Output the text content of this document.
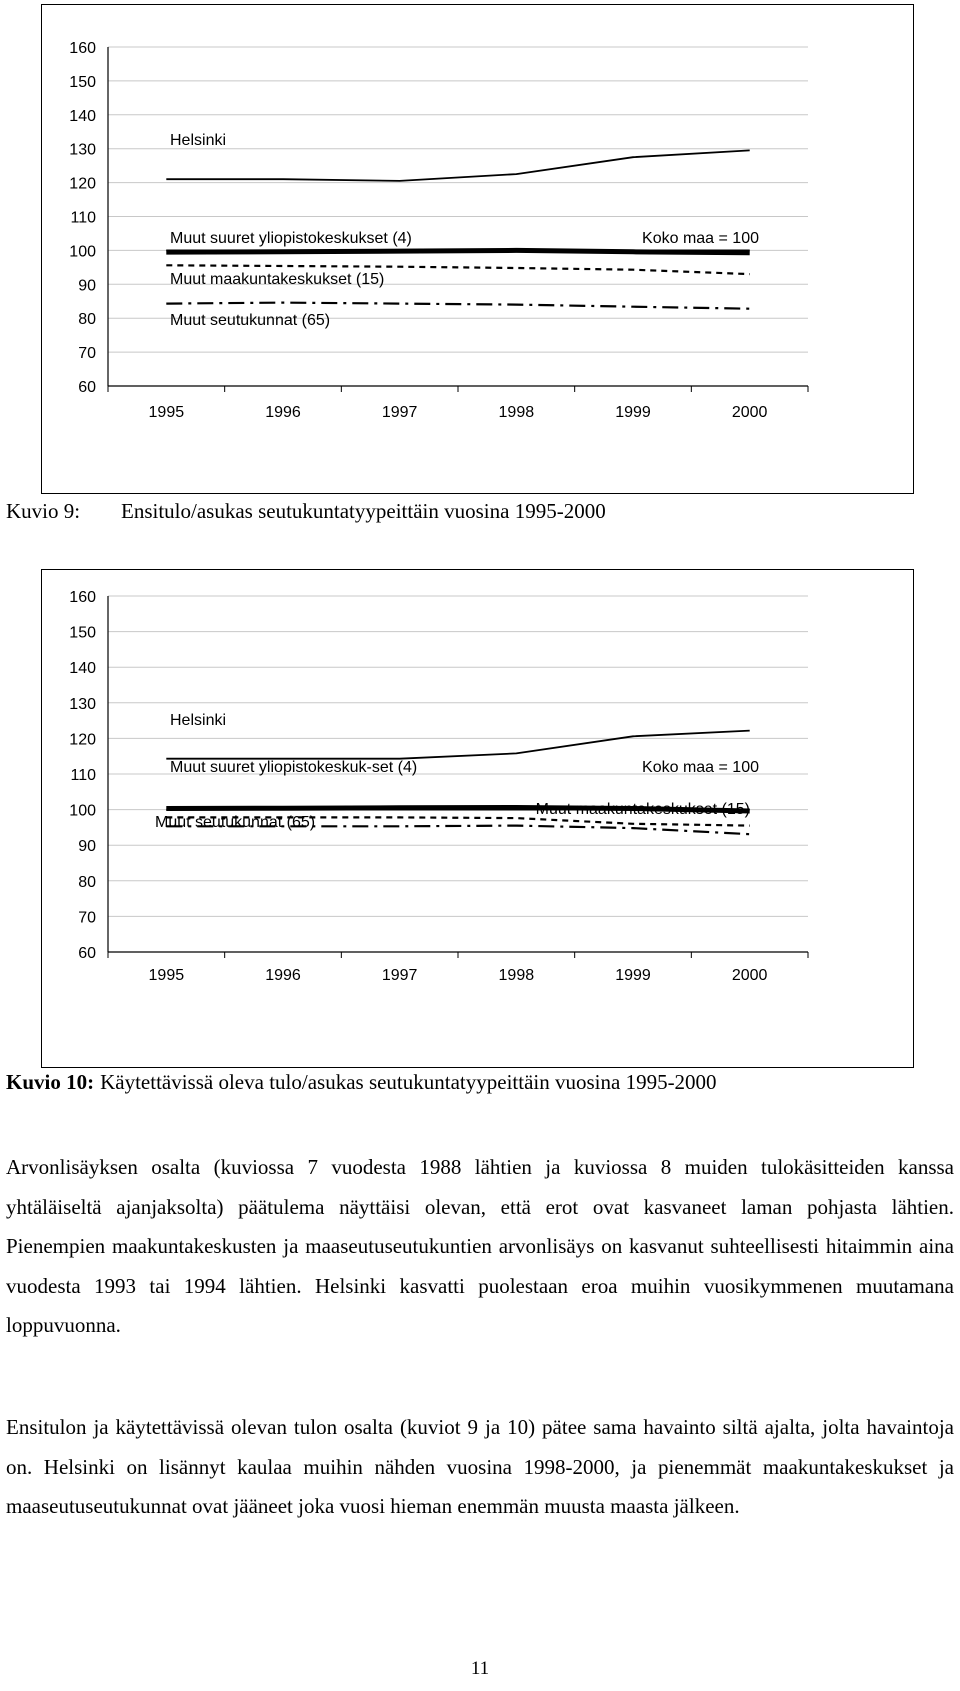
60
70
80
90
100
110
120
130
140
150
160
1995	1996	1997	1998	1999	2000
Helsinki
Muut suuret yliopistokeskukset (4)	Koko maa = 100
Muut maakuntakeskukset (15)
Muut seutukunnat (65)
Kuvio 9: Ensitulo/asukas seutukuntatyypeittäin vuosina 1995-2000
60
70
80
90
100
110
120
130
140
150
160
1995	1996	1997	1998	1999	2000
Helsinki
Muut suuret yliopistokeskuk-set (4)	Koko maa = 100
Muut maakuntakeskukset (15)
Muut seutukunnat (65)
Kuvio 10: Käytettävissä oleva tulo/asukas seutukuntatyypeittäin vuosina 1995-2000

Arvonlisäyksen osalta (kuviossa 7 vuodesta 1988 lähtien ja kuviossa 8 muiden tulokäsitteiden kanssa yhtäläiseltä ajanjaksolta) päätulema näyttäisi olevan, että erot ovat kasvaneet laman pohjasta lähtien. Pienempien maakuntakeskusten ja maaseutuseutukuntien arvonlisäys on kasvanut suhteellisesti hitaimmin aina vuodesta 1993 tai 1994 lähtien. Helsinki kasvatti puolestaan eroa muihin vuosikymmenen muutamana loppuvuonna.

Ensitulon ja käytettävissä olevan tulon osalta (kuviot 9 ja 10) pätee sama havainto siltä ajalta, jolta havaintoja on. Helsinki on lisännyt kaulaa muihin nähden vuosina 1998-2000, ja pienemmät maakuntakeskukset ja maaseutuseutukunnat ovat jääneet joka vuosi hieman enemmän muusta maasta jälkeen.

11
